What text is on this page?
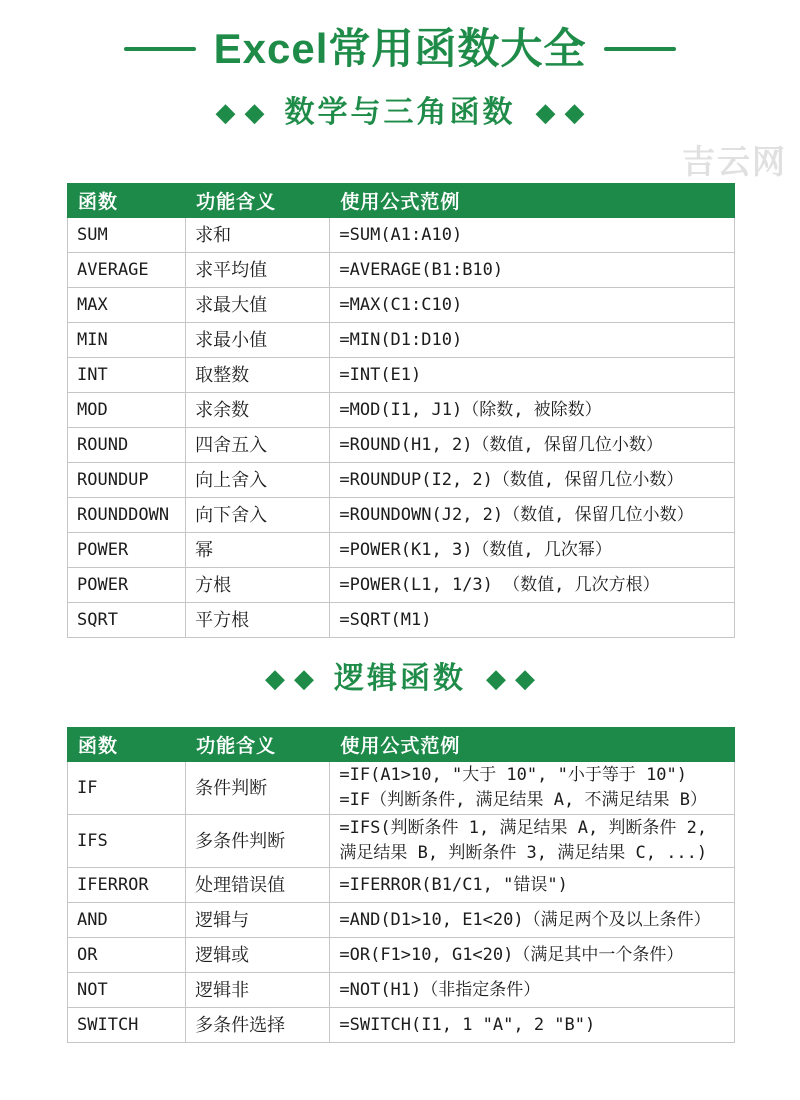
Excel常用函数大全
吉云网
◆ ◆ 数学与三角函数 ◆ ◆
函数	功能含义	使用公式范例
SUM	求和	=SUM(A1:A10)
AVERAGE	求平均值	=AVERAGE(B1:B10)
MAX	求最大值	=MAX(C1:C10)
MIN	求最小值	=MIN(D1:D10)
INT	取整数	=INT(E1)
MOD	求余数	=MOD(I1, J1)（除数, 被除数）
ROUND	四舍五入	=ROUND(H1, 2)（数值, 保留几位小数）
ROUNDUP	向上舍入	=ROUNDUP(I2, 2)（数值, 保留几位小数）
ROUNDDOWN	向下舍入	=ROUNDOWN(J2, 2)（数值, 保留几位小数）
POWER	幂	=POWER(K1, 3)（数值, 几次幂）
POWER	方根	=POWER(L1, 1/3) （数值, 几次方根）
SQRT	平方根	=SQRT(M1)
◆ ◆ 逻辑函数 ◆ ◆
函数	功能含义	使用公式范例
IF	条件判断	=IF(A1>10, "大于 10", "小于等于 10")
=IF（判断条件, 满足结果 A, 不满足结果 B）

IFS	多条件判断	=IFS(判断条件 1, 满足结果 A, 判断条件 2, 满足结果 B, 判断条件 3, 满足结果 C, ...)
IFERROR	处理错误值	=IFERROR(B1/C1, "错误")
AND	逻辑与	=AND(D1>10, E1<20)（满足两个及以上条件）
OR	逻辑或	=OR(F1>10, G1<20)（满足其中一个条件）
NOT	逻辑非	=NOT(H1)（非指定条件）
SWITCH	多条件选择	=SWITCH(I1, 1 "A", 2 "B")
